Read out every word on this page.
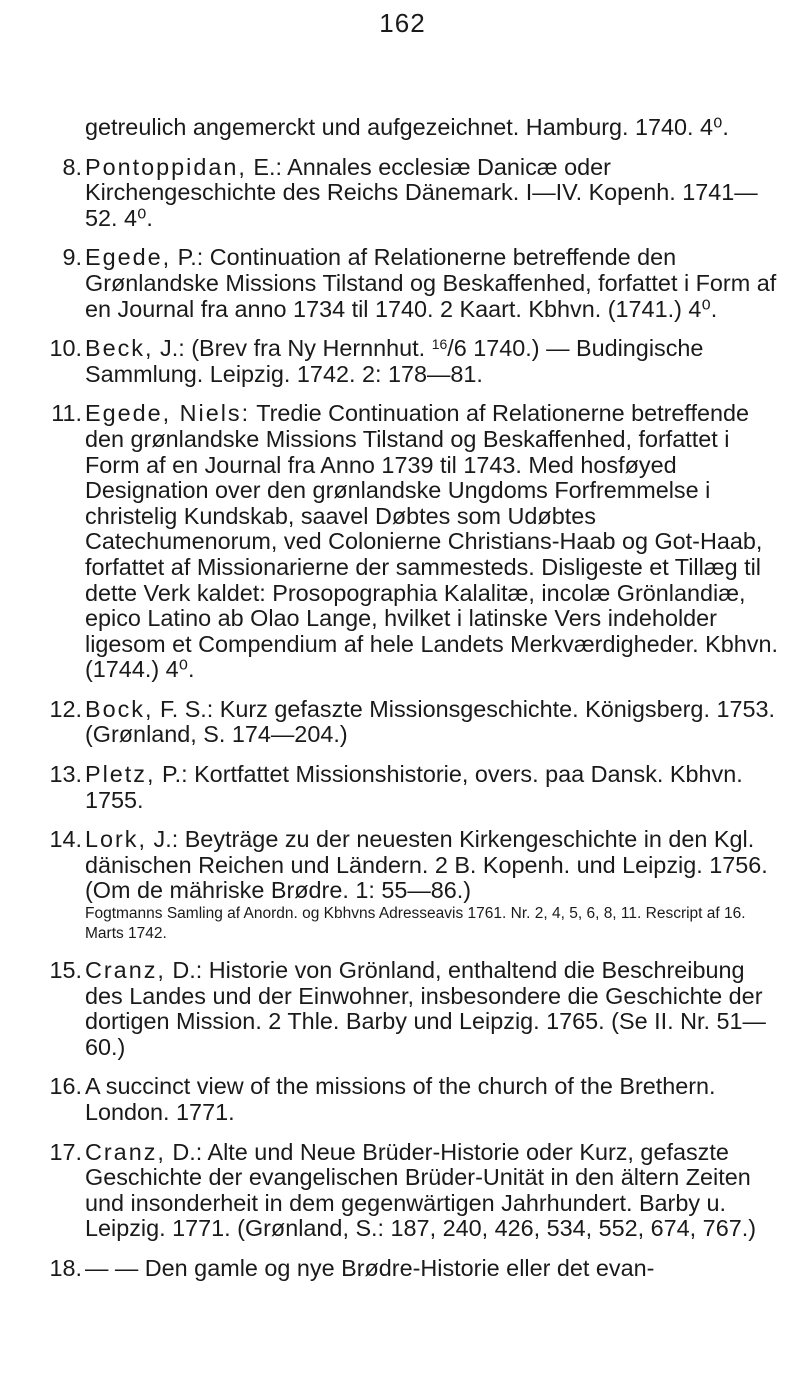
162
getreulich angemerckt und aufgezeichnet. Hamburg. 1740. 4⁰.
8. Pontoppidan, E.: Annales ecclesiæ Danicæ oder Kirchengeschichte des Reichs Dänemark. I—IV. Kopenh. 1741—52. 4⁰.
9. Egede, P.: Continuation af Relationerne betreffende den Grønlandske Missions Tilstand og Beskaffenhed, forfattet i Form af en Journal fra anno 1734 til 1740. 2 Kaart. Kbhvn. (1741.) 4⁰.
10. Beck, J.: (Brev fra Ny Hernnhut. $^{16}$/6 1740.) — Budingische Sammlung. Leipzig. 1742. 2: 178—81.
11. Egede, Niels: Tredie Continuation af Relationerne betreffende den grønlandske Missions Tilstand og Beskaffenhed, forfattet i Form af en Journal fra Anno 1739 til 1743. Med hosføyed Designation over den grønlandske Ungdoms Forfremmelse i christelig Kundskab, saavel Døbtes som Udøbtes Catechumenorum, ved Colonierne Christians-Haab og Got-Haab, forfattet af Missionarierne der sammesteds. Disligeste et Tillæg til dette Verk kaldet: Prosopographia Kalalitæ, incolæ Grönlandiæ, epico Latino ab Olao Lange, hvilket i latinske Vers indeholder ligesom et Compendium af hele Landets Merkværdigheder. Kbhvn. (1744.) 4⁰.
12. Bock, F. S.: Kurz gefaszte Missionsgeschichte. Königsberg. 1753. (Grønland, S. 174—204.)
13. Pletz, P.: Kortfattet Missionshistorie, overs. paa Dansk. Kbhvn. 1755.
14. Lork, J.: Beyträge zu der neuesten Kirkengeschichte in den Kgl. dänischen Reichen und Ländern. 2 B. Kopenh. und Leipzig. 1756. (Om de mähriske Brødre. 1: 55—86.)
Fogtmanns Samling af Anordn. og Kbhvns Adresseavis 1761. Nr. 2, 4, 5, 6, 8, 11. Rescript af 16. Marts 1742.
15. Cranz, D.: Historie von Grönland, enthaltend die Beschreibung des Landes und der Einwohner, insbesondere die Geschichte der dortigen Mission. 2 Thle. Barby und Leipzig. 1765. (Se II. Nr. 51—60.)
16. A succinct view of the missions of the church of the Brethern. London. 1771.
17. Cranz, D.: Alte und Neue Brüder-Historie oder Kurz, gefaszte Geschichte der evangelischen Brüder-Unität in den ältern Zeiten und insonderheit in dem gegenwärtigen Jahrhundert. Barby u. Leipzig. 1771. (Grønland, S.: 187, 240, 426, 534, 552, 674, 767.)
18. — — Den gamle og nye Brødre-Historie eller det evan-
